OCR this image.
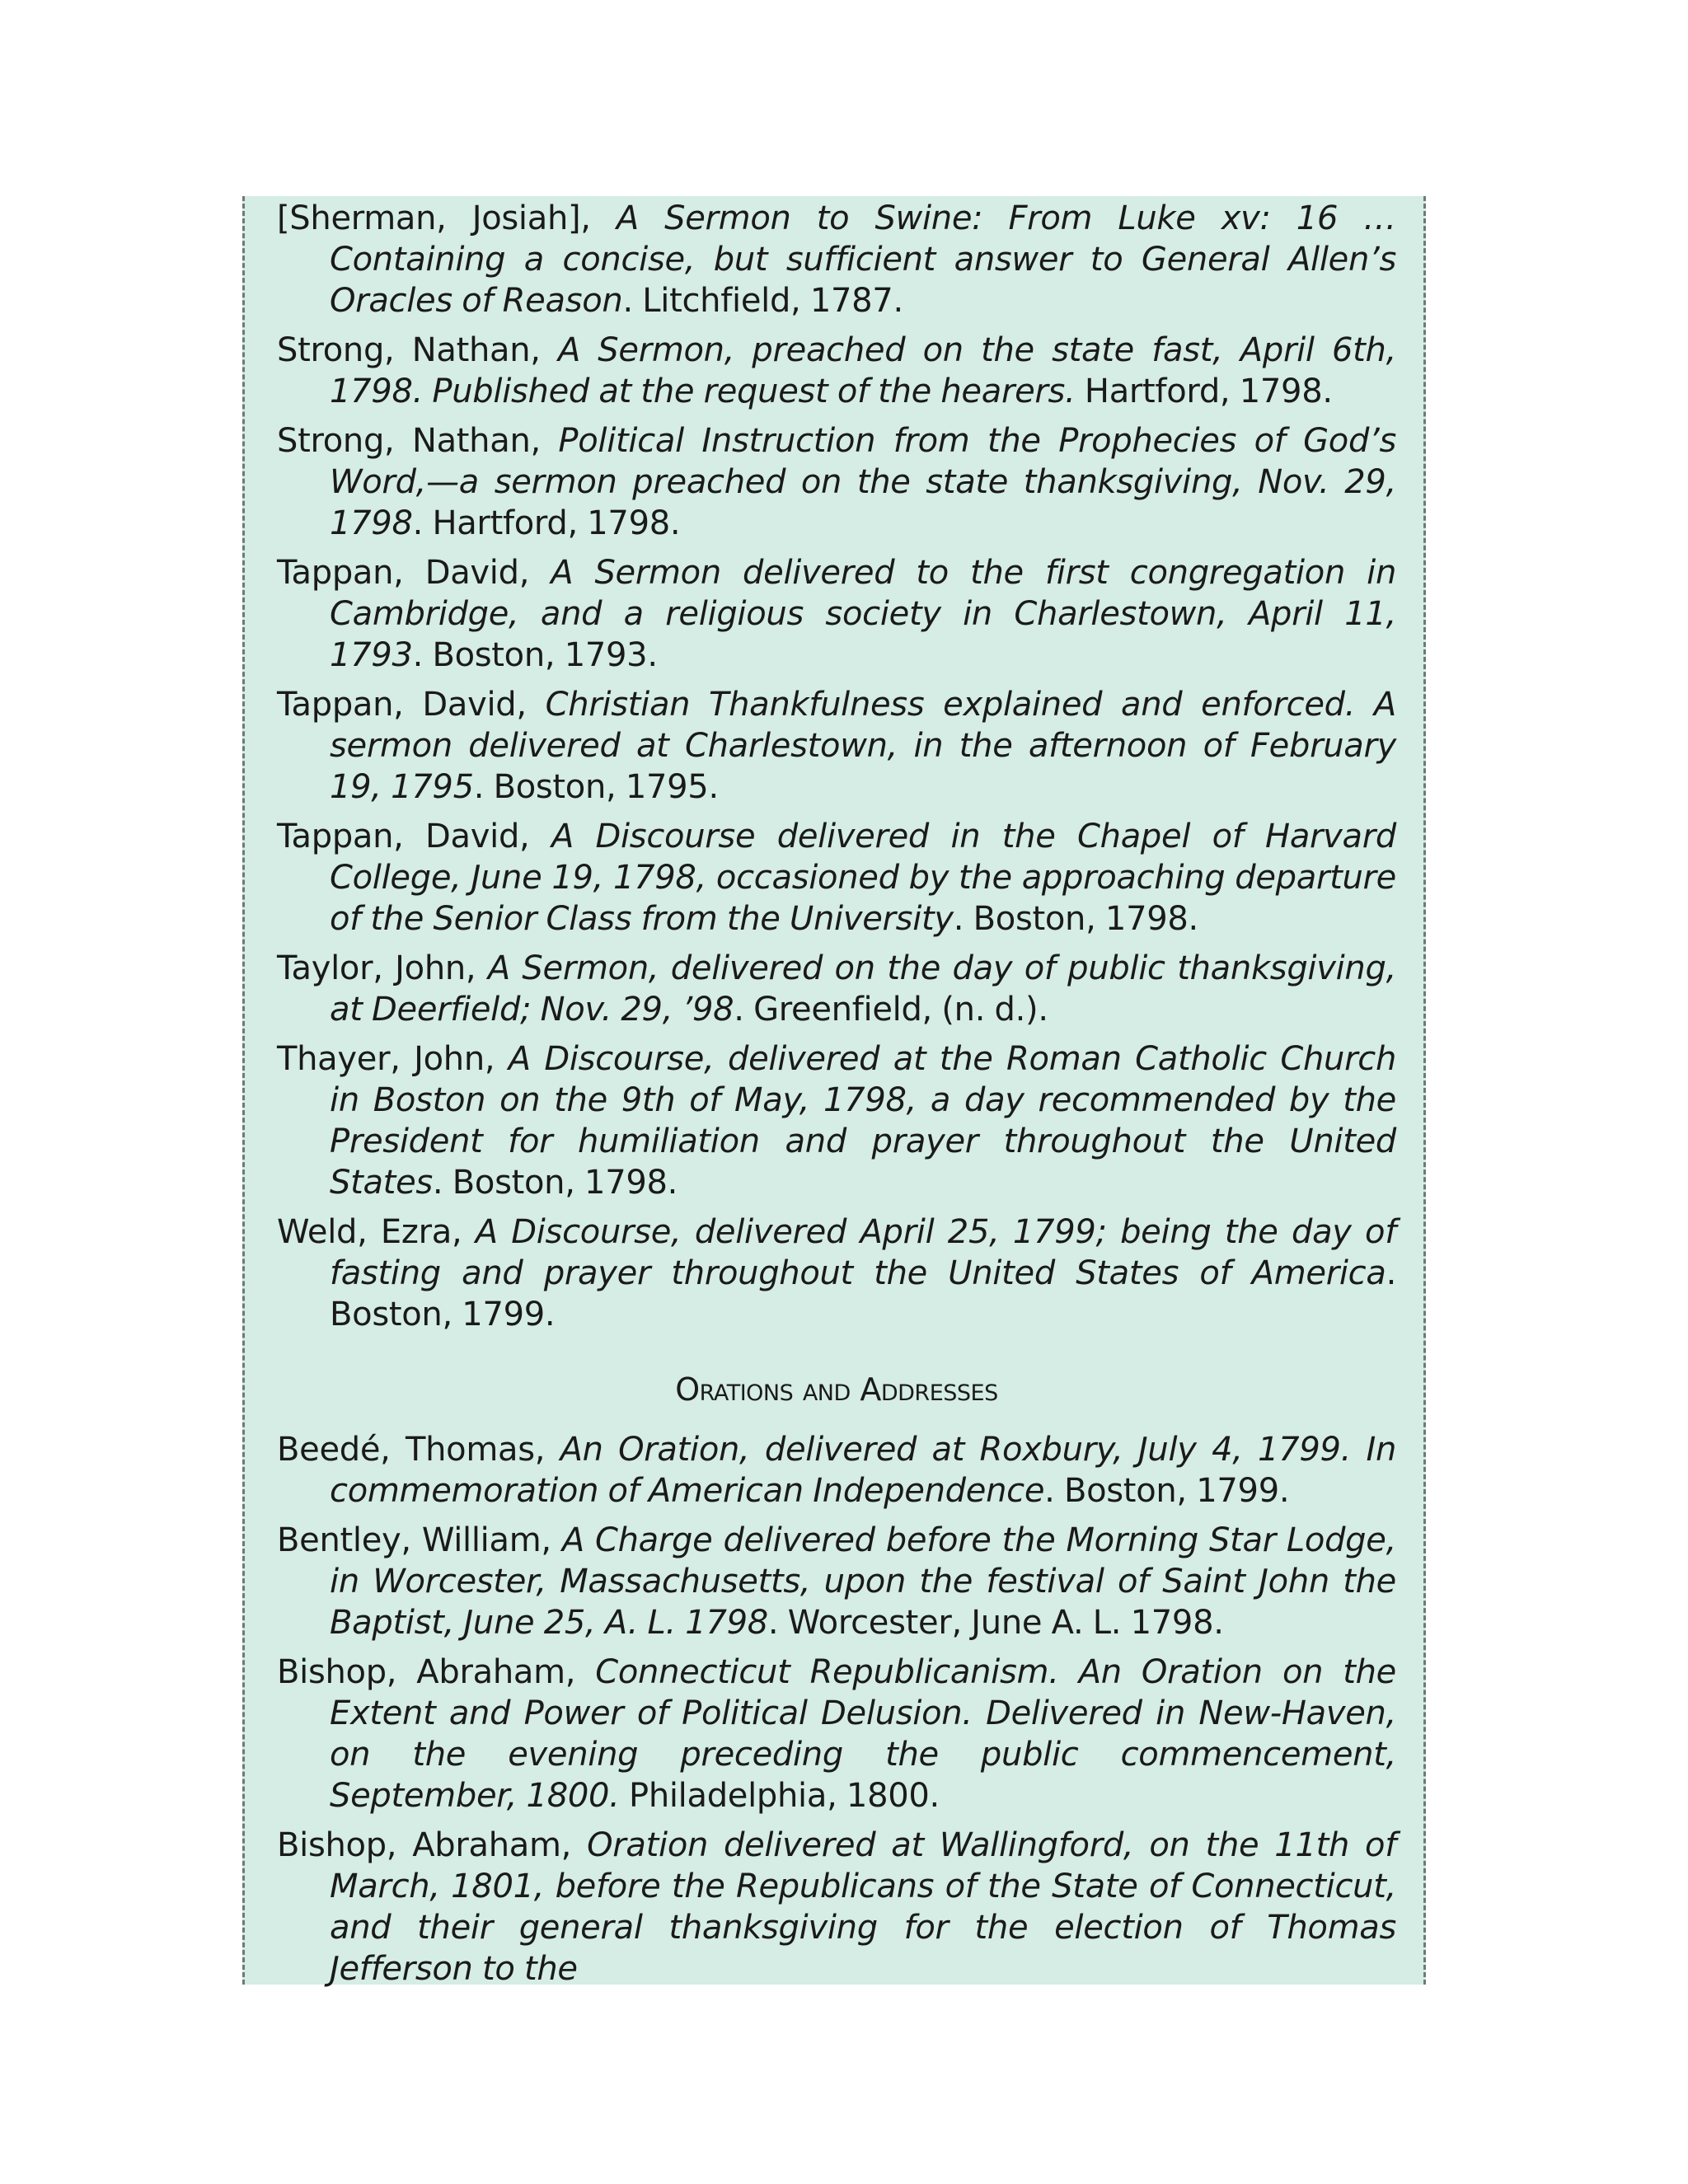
[Sherman, Josiah], A Sermon to Swine: From Luke xv: 16 … Containing a concise, but sufficient answer to General Allen’s Oracles of Reason. Litchfield, 1787.

Strong, Nathan, A Sermon, preached on the state fast, April 6th, 1798. Published at the request of the hearers. Hartford, 1798.

Strong, Nathan, Political Instruction from the Prophecies of God’s Word,—a sermon preached on the state thanksgiving, Nov. 29, 1798. Hartford, 1798.

Tappan, David, A Sermon delivered to the first congregation in Cambridge, and a religious society in Charlestown, April 11, 1793. Boston, 1793.

Tappan, David, Christian Thankfulness explained and enforced. A sermon delivered at Charlestown, in the afternoon of February 19, 1795. Boston, 1795.

Tappan, David, A Discourse delivered in the Chapel of Harvard College, June 19, 1798, occasioned by the approaching departure of the Senior Class from the University. Boston, 1798.

Taylor, John, A Sermon, delivered on the day of public thanksgiving, at Deerfield; Nov. 29, ’98. Greenfield, (n. d.).

Thayer, John, A Discourse, delivered at the Roman Catholic Church in Boston on the 9th of May, 1798, a day recommended by the President for humiliation and prayer throughout the United States. Boston, 1798.

Weld, Ezra, A Discourse, delivered April 25, 1799; being the day of fasting and prayer throughout the United States of America. Boston, 1799.

Orations and Addresses

Beedé, Thomas, An Oration, delivered at Roxbury, July 4, 1799. In commemoration of American Independence. Boston, 1799.

Bentley, William, A Charge delivered before the Morning Star Lodge, in Worcester, Massachusetts, upon the festival of Saint John the Baptist, June 25, A. L. 1798. Worcester, June A. L. 1798.

Bishop, Abraham, Connecticut Republicanism. An Oration on the Extent and Power of Political Delusion. Delivered in New-Haven, on the evening preceding the public commencement, September, 1800. Philadelphia, 1800.

Bishop, Abraham, Oration delivered at Wallingford, on the 11th of March, 1801, before the Republicans of the State of Connecticut, and their general thanksgiving for the election of Thomas Jefferson to the
